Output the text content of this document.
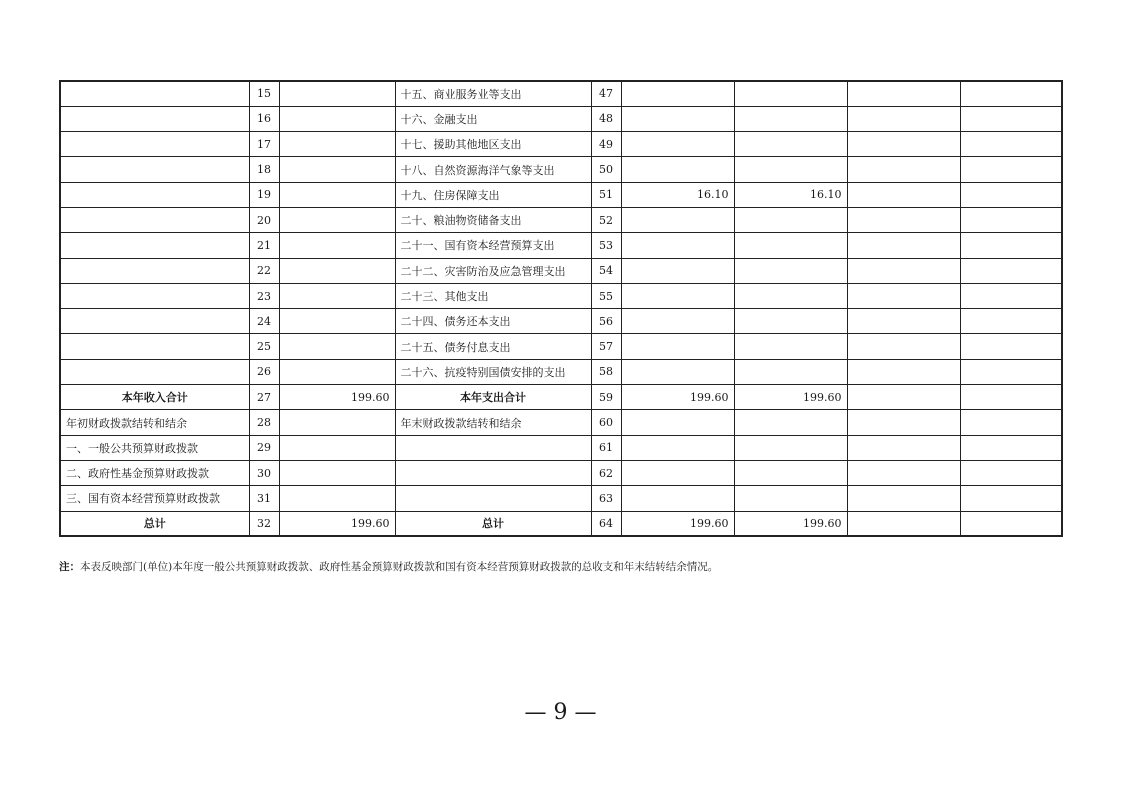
	15		十五、商业服务业等支出	47				
	16		十六、金融支出	48				
	17		十七、援助其他地区支出	49				
	18		十八、自然资源海洋气象等支出	50				
	19		十九、住房保障支出	51	16.10	16.10		
	20		二十、粮油物资储备支出	52				
	21		二十一、国有资本经营预算支出	53				
	22		二十二、灾害防治及应急管理支出	54				
	23		二十三、其他支出	55				
	24		二十四、债务还本支出	56				
	25		二十五、债务付息支出	57				
	26		二十六、抗疫特别国债安排的支出	58				
本年收入合计	27	199.60	本年支出合计	59	199.60	199.60		
年初财政拨款结转和结余	28		年末财政拨款结转和结余	60				
一、一般公共预算财政拨款	29			61				
二、政府性基金预算财政拨款	30			62				
三、国有资本经营预算财政拨款	31			63				
总计	32	199.60	总计	64	199.60	199.60		
注：本表反映部门(单位)本年度一般公共预算财政拨款、政府性基金预算财政拨款和国有资本经营预算财政拨款的总收支和年末结转结余情况。
— 9 —
